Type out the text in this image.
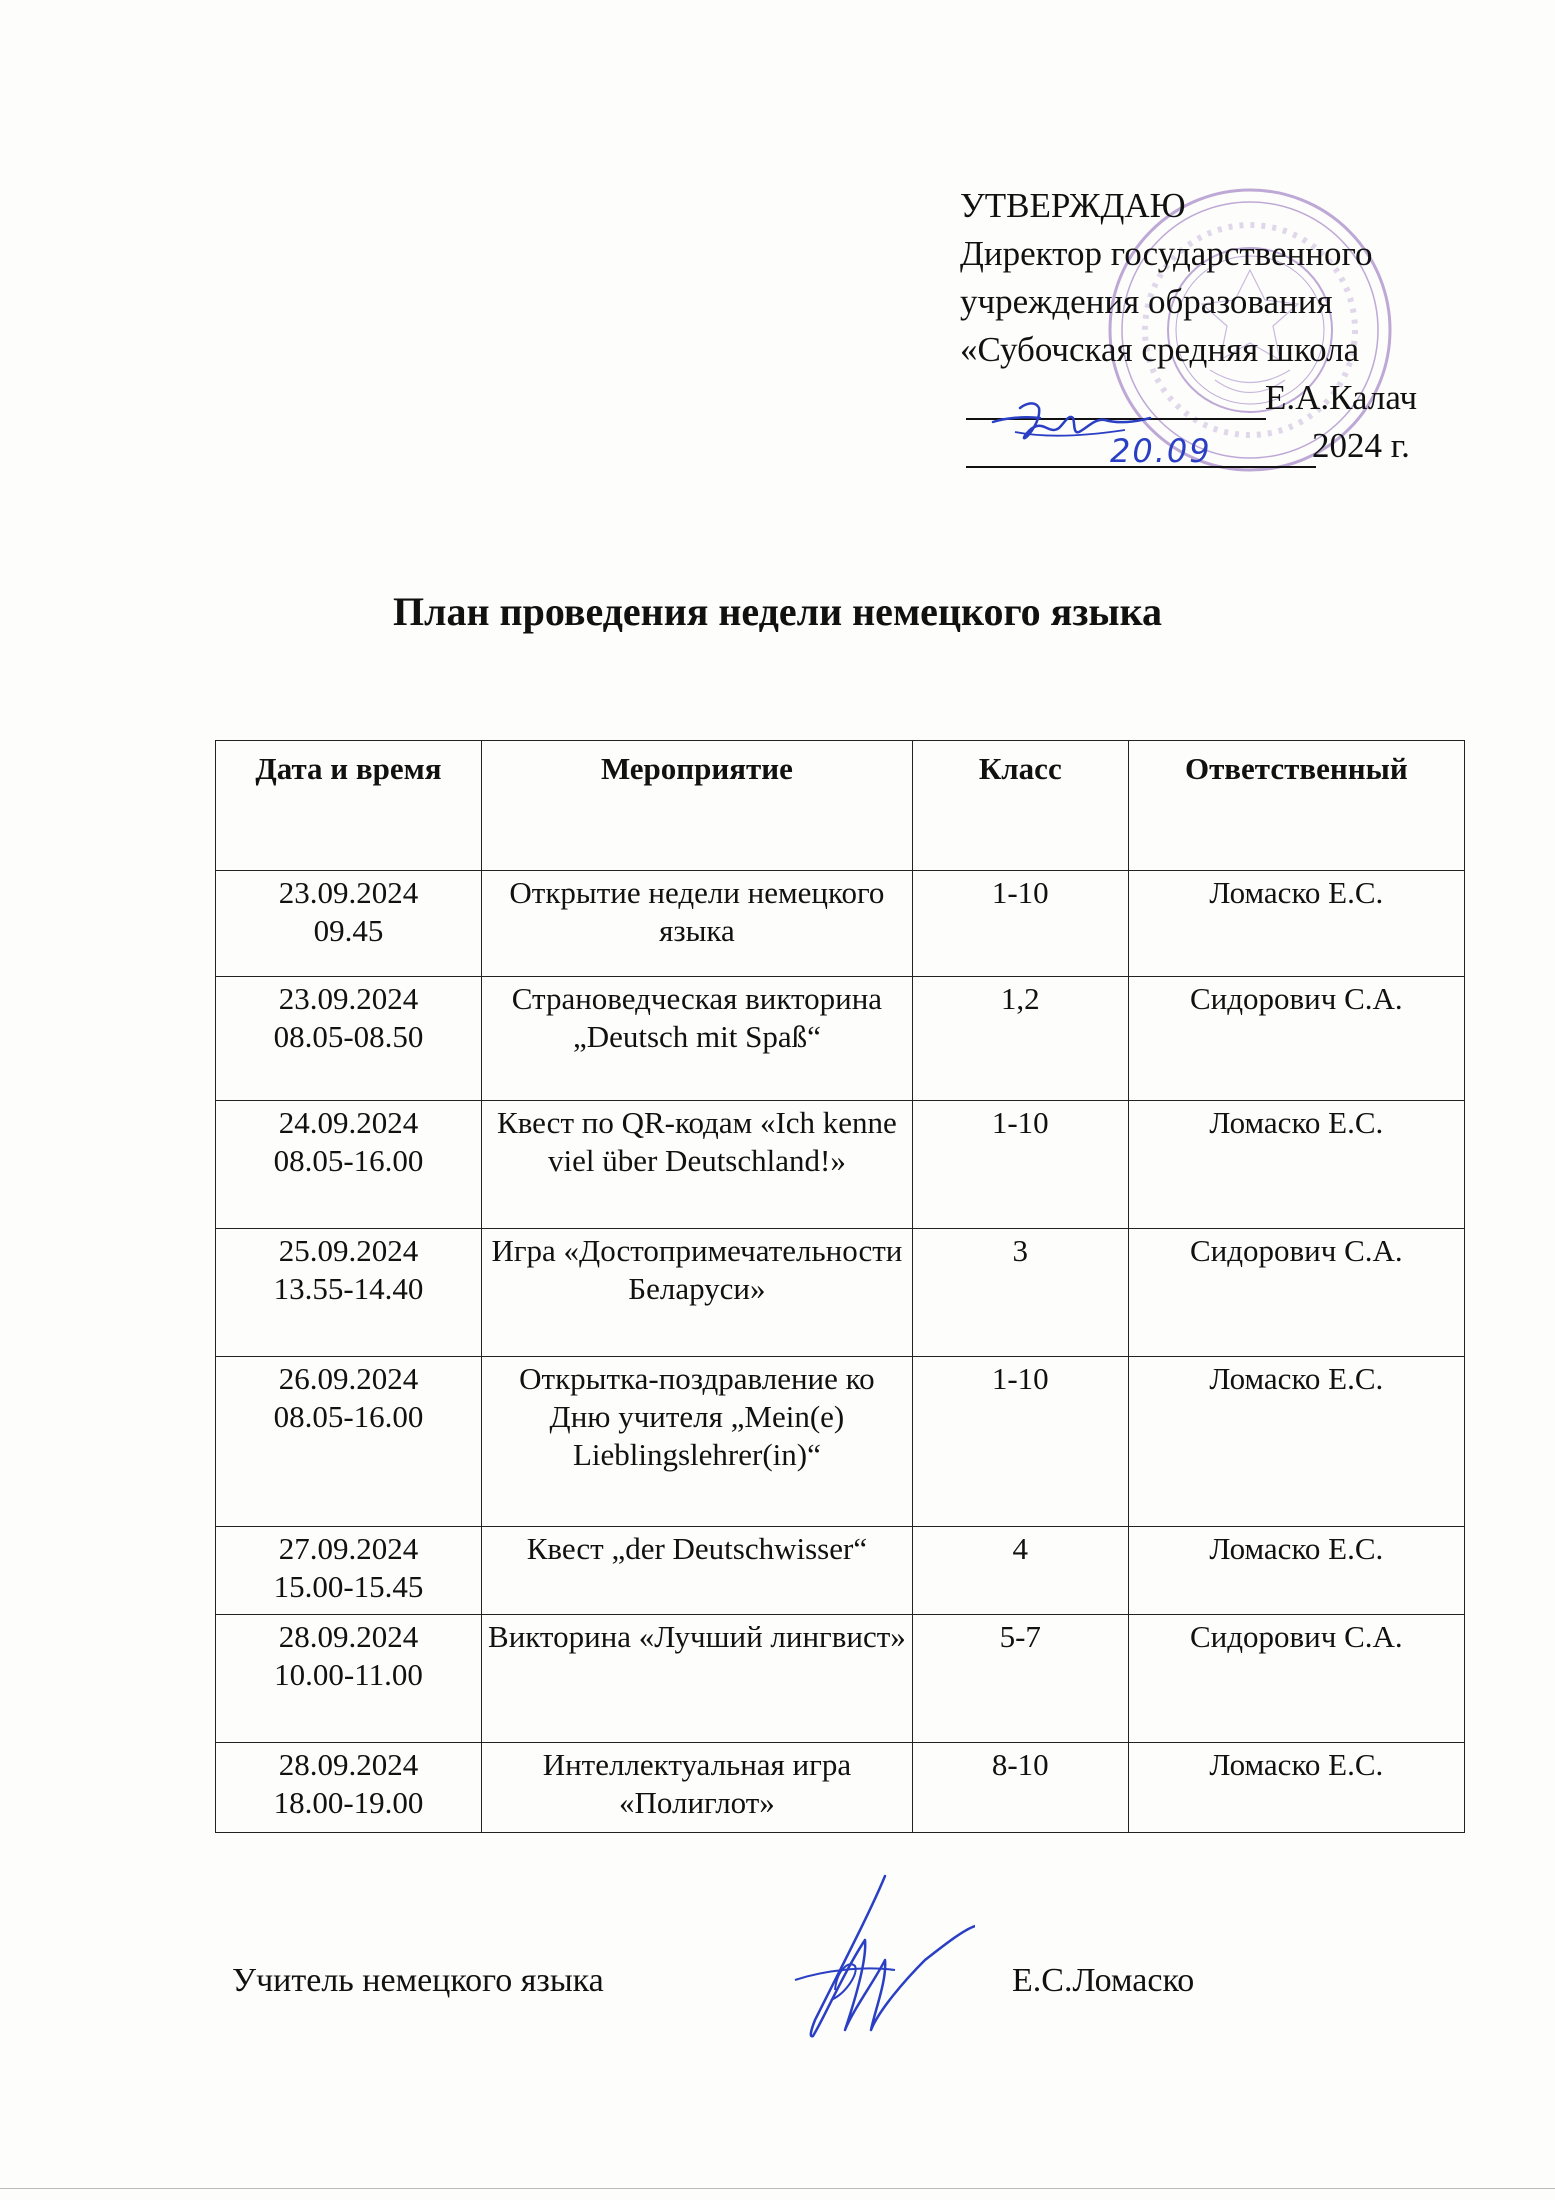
УТВЕРЖДАЮ
Директор государственного
учреждения образования
«Субочская средняя школа
Е.А.Калач
2024 г.
20.09
План проведения недели немецкого языка
Дата и время	Мероприятие	Класс	Ответственный

23.09.2024
09.45	Открытие недели немецкого языка	1-10	Ломаско Е.С.

23.09.2024
08.05-08.50	Страноведческая викторина „Deutsch mit Spaß“	1,2	Сидорович С.А.

24.09.2024
08.05-16.00	Квест по QR-кодам «Ich kenne viel über Deutschland!»	1-10	Ломаско Е.С.

25.09.2024
13.55-14.40	Игра «Достопримечательности Беларуси»	3	Сидорович С.А.

26.09.2024
08.05-16.00	Открытка-поздравление ко Дню учителя „Mein(e) Lieblingslehrer(in)“	1-10	Ломаско Е.С.

27.09.2024
15.00-15.45	Квест „der Deutschwisser“	4	Ломаско Е.С.

28.09.2024
10.00-11.00	Викторина «Лучший лингвист»	5-7	Сидорович С.А.

28.09.2024
18.00-19.00	Интеллектуальная игра «Полиглот»	8-10	Ломаско Е.С.
Учитель немецкого языка	Е.С.Ломаско
